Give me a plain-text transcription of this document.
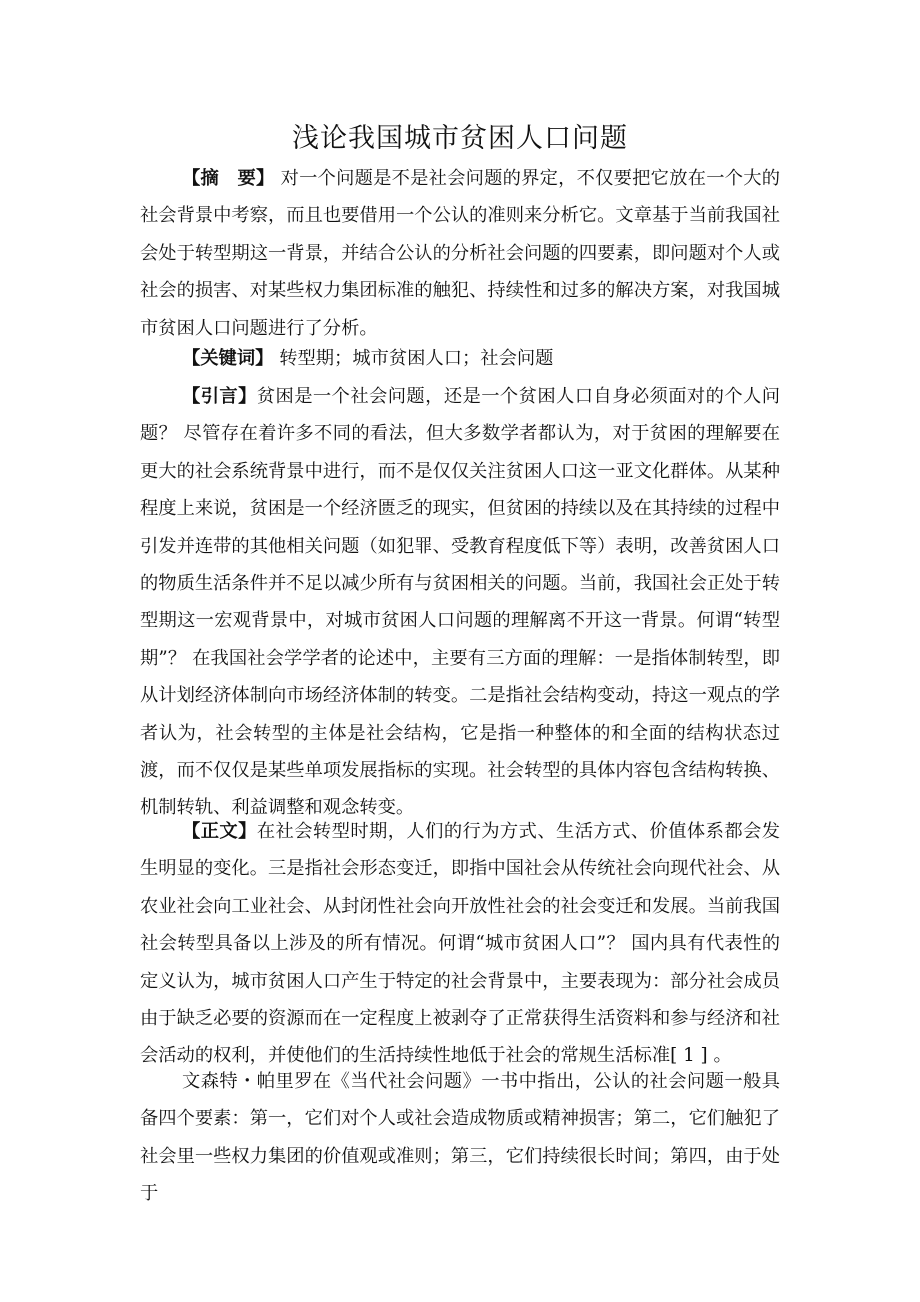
浅论我国城市贫困人口问题

【摘　要】 对一个问题是不是社会问题的界定，不仅要把它放在一个大的社会背景中考察，而且也要借用一个公认的准则来分析它。文章基于当前我国社会处于转型期这一背景，并结合公认的分析社会问题的四要素，即问题对个人或社会的损害、对某些权力集团标准的触犯、持续性和过多的解决方案，对我国城市贫困人口问题进行了分析。

【关键词】 转型期；城市贫困人口；社会问题

【引言】贫困是一个社会问题，还是一个贫困人口自身必须面对的个人问题？ 尽管存在着许多不同的看法，但大多数学者都认为，对于贫困的理解要在更大的社会系统背景中进行，而不是仅仅关注贫困人口这一亚文化群体。从某种程度上来说，贫困是一个经济匮乏的现实，但贫困的持续以及在其持续的过程中引发并连带的其他相关问题（如犯罪、受教育程度低下等）表明，改善贫困人口的物质生活条件并不足以减少所有与贫困相关的问题。当前，我国社会正处于转型期这一宏观背景中，对城市贫困人口问题的理解离不开这一背景。何谓“转型期”？ 在我国社会学学者的论述中，主要有三方面的理解：一是指体制转型，即从计划经济体制向市场经济体制的转变。二是指社会结构变动，持这一观点的学者认为，社会转型的主体是社会结构，它是指一种整体的和全面的结构状态过渡，而不仅仅是某些单项发展指标的实现。社会转型的具体内容包含结构转换、机制转轨、利益调整和观念转变。

【正文】在社会转型时期，人们的行为方式、生活方式、价值体系都会发生明显的变化。三是指社会形态变迁，即指中国社会从传统社会向现代社会、从农业社会向工业社会、从封闭性社会向开放性社会的社会变迁和发展。当前我国社会转型具备以上涉及的所有情况。何谓“城市贫困人口”？ 国内具有代表性的定义认为，城市贫困人口产生于特定的社会背景中，主要表现为：部分社会成员由于缺乏必要的资源而在一定程度上被剥夺了正常获得生活资料和参与经济和社会活动的权利，并使他们的生活持续性地低于社会的常规生活标准[ 1 ] 。

文森特・帕里罗在《当代社会问题》一书中指出，公认的社会问题一般具备四个要素：第一，它们对个人或社会造成物质或精神损害；第二，它们触犯了社会里一些权力集团的价值观或准则；第三，它们持续很长时间；第四，由于处于
